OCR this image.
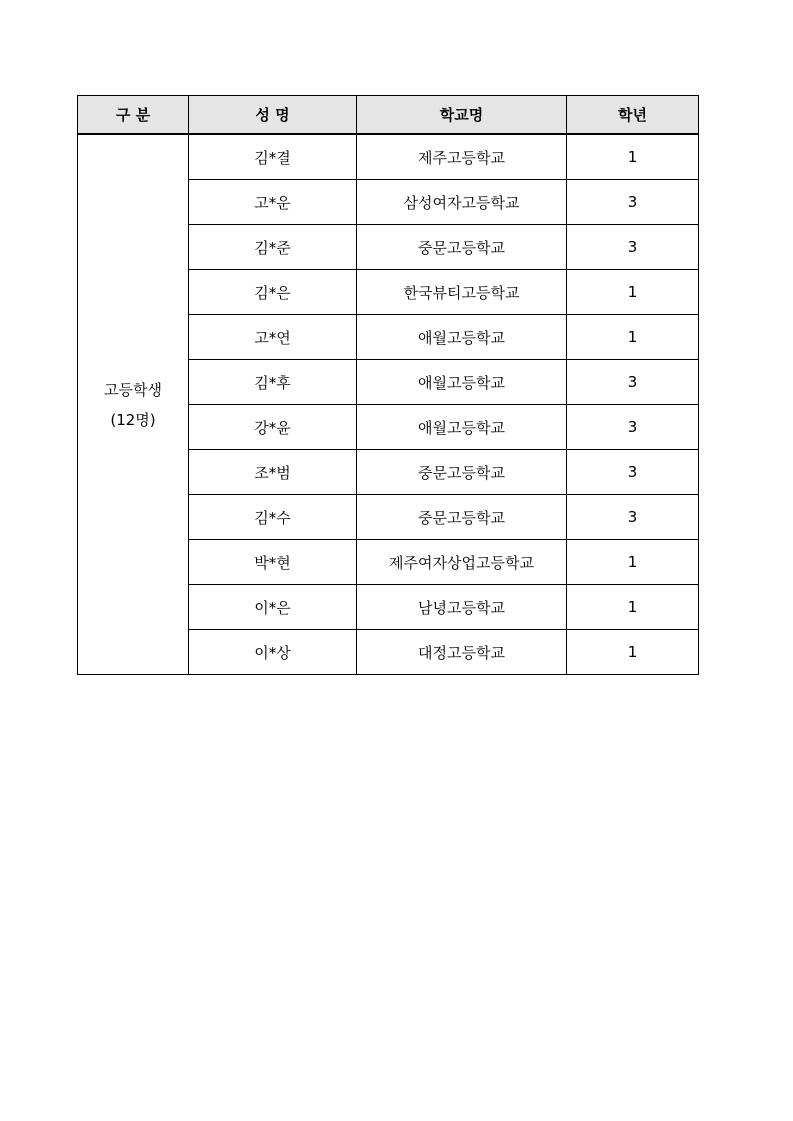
구 분	성 명	학교명	학년

고등학생
(12명)	김*결	제주고등학교	1
	고*운	삼성여자고등학교	3
	김*준	중문고등학교	3
	김*은	한국뷰티고등학교	1
	고*연	애월고등학교	1
	김*후	애월고등학교	3
	강*윤	애월고등학교	3
	조*범	중문고등학교	3
	김*수	중문고등학교	3
	박*현	제주여자상업고등학교	1
	이*은	남녕고등학교	1
	이*상	대정고등학교	1
